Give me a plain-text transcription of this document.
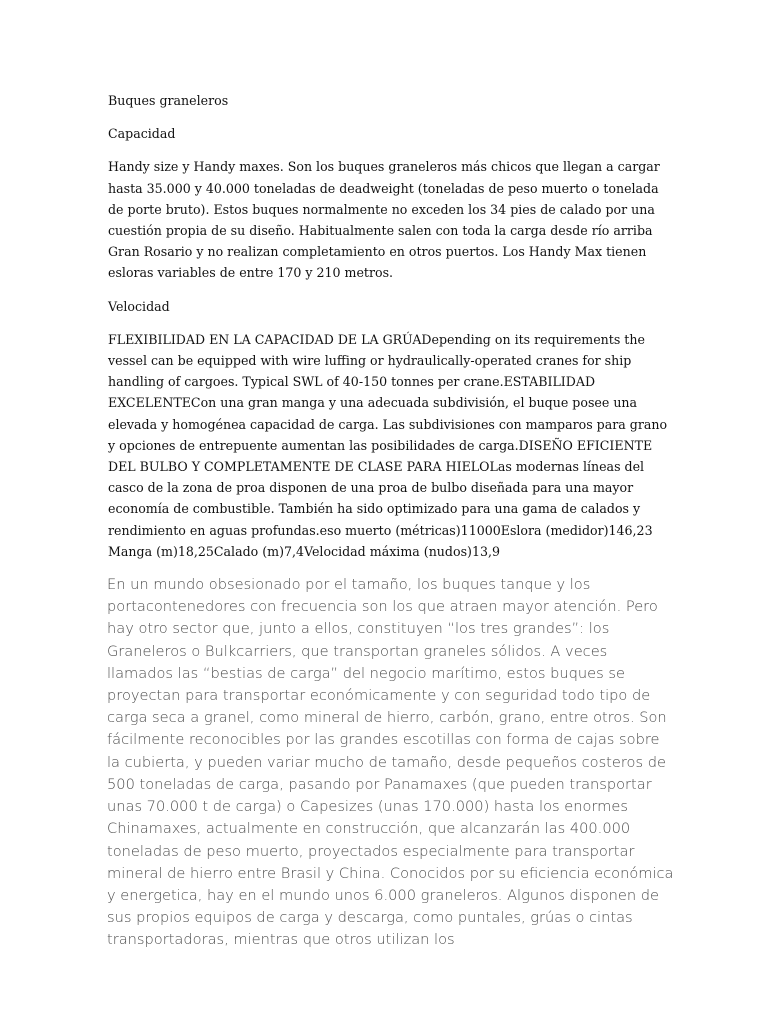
Buques graneleros

Capacidad

Handy size y Handy maxes. Son los buques graneleros más chicos que llegan a cargar hasta 35.000 y 40.000 toneladas de deadweight (toneladas de peso muerto o tonelada de porte bruto). Estos buques normalmente no exceden los 34 pies de calado por una cuestión propia de su diseño. Habitualmente salen con toda la carga desde río arriba Gran Rosario y no realizan completamiento en otros puertos. Los Handy Max tienen esloras variables de entre 170 y 210 metros.

Velocidad

FLEXIBILIDAD EN LA CAPACIDAD DE LA GRÚADepending on its requirements the vessel can be equipped with wire luffing or hydraulically-operated cranes for ship handling of cargoes. Typical SWL of 40-150 tonnes per crane.ESTABILIDAD EXCELENTECon una gran manga y una adecuada subdivisión, el buque posee una elevada y homogénea capacidad de carga. Las subdivisiones con mamparos para grano y opciones de entrepuente aumentan las posibilidades de carga.DISEÑO EFICIENTE DEL BULBO Y COMPLETAMENTE DE CLASE PARA HIELOLas modernas líneas del casco de la zona de proa disponen de una proa de bulbo diseñada para una mayor economía de combustible. También ha sido optimizado para una gama de calados y rendimiento en aguas profundas.eso muerto (métricas)11000Eslora (medidor)146,23 Manga (m)18,25Calado (m)7,4Velocidad máxima (nudos)13,9

En un mundo obsesionado por el tamaño, los buques tanque y los portacontenedores con frecuencia son los que atraen mayor atención. Pero hay otro sector que, junto a ellos, constituyen “los tres grandes”: los Graneleros o Bulkcarriers, que transportan graneles sólidos. A veces llamados las “bestias de carga” del negocio marítimo, estos buques se proyectan para transportar económicamente y con seguridad todo tipo de carga seca a granel, como mineral de hierro, carbón, grano, entre otros. Son fácilmente reconocibles por las grandes escotillas con forma de cajas sobre la cubierta, y pueden variar mucho de tamaño, desde pequeños costeros de 500 toneladas de carga, pasando por Panamaxes (que pueden transportar unas 70.000 t de carga) o Capesizes (unas 170.000) hasta los enormes Chinamaxes, actualmente en construcción, que alcanzarán las 400.000 toneladas de peso muerto, proyectados especialmente para transportar mineral de hierro entre Brasil y China. Conocidos por su eficiencia económica y energetica, hay en el mundo unos 6.000 graneleros. Algunos disponen de sus propios equipos de carga y descarga, como puntales, grúas o cintas transportadoras, mientras que otros utilizan los
